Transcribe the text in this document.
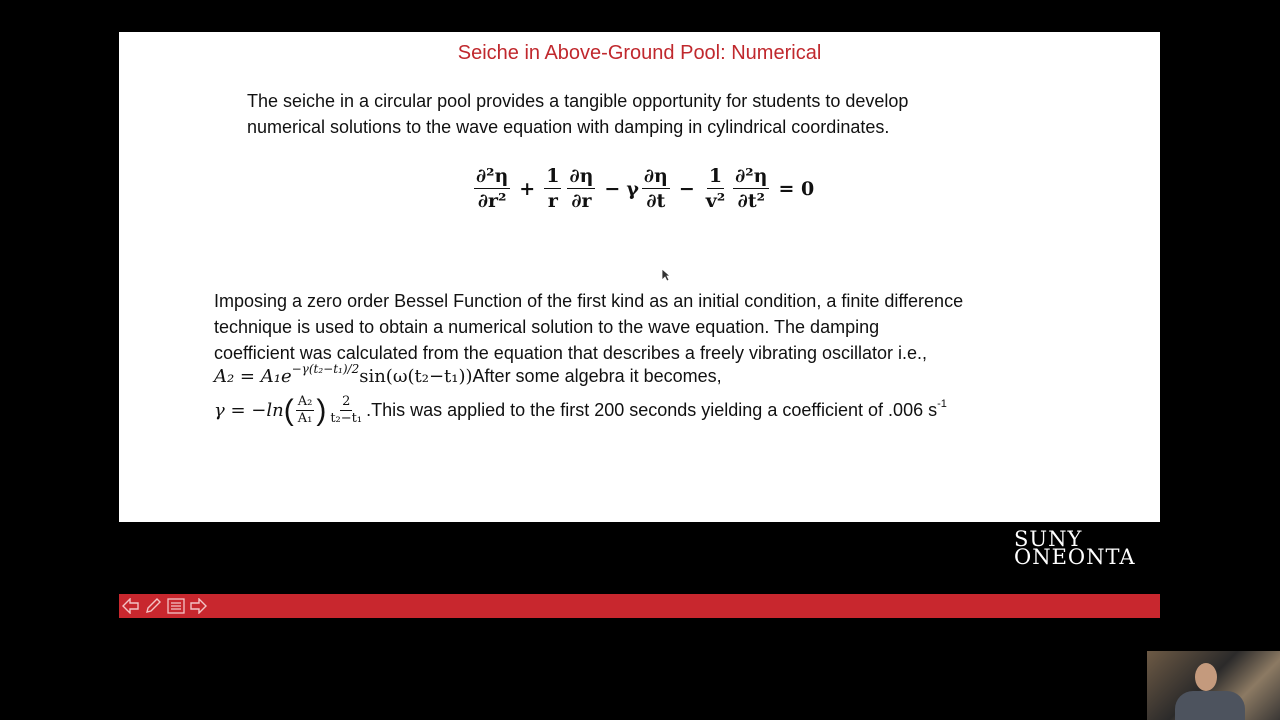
Seiche in Above-Ground Pool: Numerical
The seiche in a circular pool provides a tangible opportunity for students to develop
numerical solutions to the wave equation with damping in cylindrical coordinates.
$\frac{\text{∂²η}}{\text{∂r²}} + \frac{1}{r} \frac{\partial\eta}{\partial r} - \gamma \frac{\partial\eta}{\partial t} - \frac{1}{\text{v²}} \frac{\text{∂²η}}{\text{∂t²}} = 0$
Imposing a zero order Bessel Function of the first kind as an initial condition, a finite difference
technique is used to obtain a numerical solution to the wave equation. The damping
coefficient was calculated from the equation that describes a freely vibrating oscillator i.e.,
$A_2 = A_1e^{-\gamma(t_2-t_1)/2}$ sin(ω(t₂−t₁)) After some algebra it becomes,
γ = −ln ( $\frac{\text{A₂}}{\text{A₁}}$ ) $\frac{2}{\text{t₂−t₁}}$ .This was applied to the first 200 seconds yielding a coefficient of .006 $s^{-1}$
SUNY
ONEONTA
